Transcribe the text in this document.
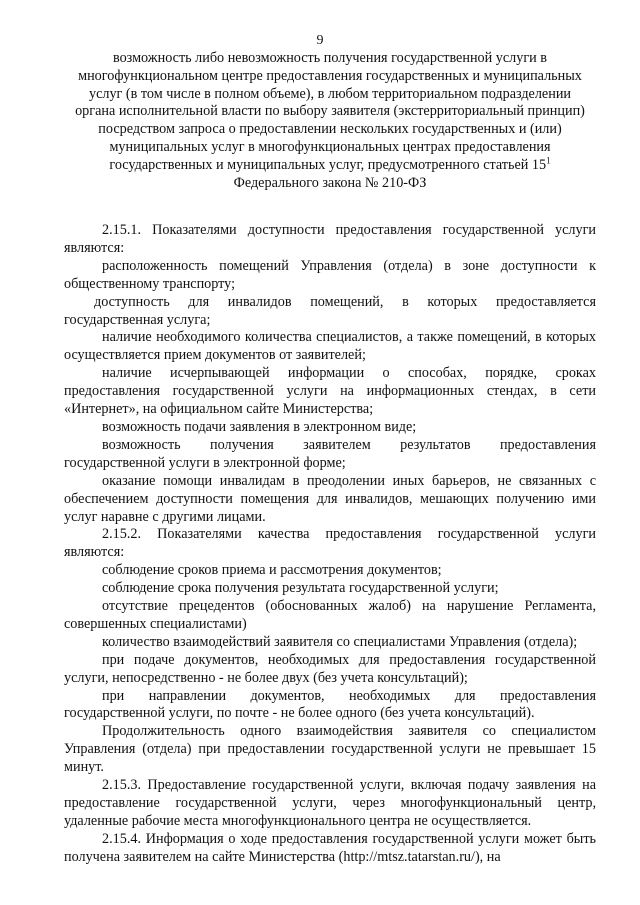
9
возможность либо невозможность получения государственной услуги в многофункциональном центре предоставления государственных и муниципальных услуг (в том числе в полном объеме), в любом территориальном подразделении органа исполнительной власти по выбору заявителя (экстерриториальный принцип) посредством запроса о предоставлении нескольких государственных и (или) муниципальных услуг в многофункциональных центрах предоставления государственных и муниципальных услуг, предусмотренного статьей $15^1$ Федерального закона № 210-ФЗ

2.15.1. Показателями доступности предоставления государственной услуги являются:

расположенность помещений Управления (отдела) в зоне доступности к общественному транспорту;

доступность для инвалидов помещений, в которых предоставляется государственная услуга;

наличие необходимого количества специалистов, а также помещений, в которых осуществляется прием документов от заявителей;

наличие исчерпывающей информации о способах, порядке, сроках предоставления государственной услуги на информационных стендах, в сети «Интернет», на официальном сайте Министерства;

возможность подачи заявления в электронном виде;

возможность получения заявителем результатов предоставления государственной услуги в электронной форме;

оказание помощи инвалидам в преодолении иных барьеров, не связанных с обеспечением доступности помещения для инвалидов, мешающих получению ими услуг наравне с другими лицами.

2.15.2. Показателями качества предоставления государственной услуги являются:

соблюдение сроков приема и рассмотрения документов;

соблюдение срока получения результата государственной услуги;

отсутствие прецедентов (обоснованных жалоб) на нарушение Регламента, совершенных специалистами)

количество взаимодействий заявителя со специалистами Управления (отдела);

при подаче документов, необходимых для предоставления государственной услуги, непосредственно - не более двух (без учета консультаций);

при направлении документов, необходимых для предоставления государственной услуги, по почте - не более одного (без учета консультаций).

Продолжительность одного взаимодействия заявителя со специалистом Управления (отдела) при предоставлении государственной услуги не превышает 15 минут.

2.15.3. Предоставление государственной услуги, включая подачу заявления на предоставление государственной услуги, через многофункциональный центр, удаленные рабочие места многофункционального центра не осуществляется.

2.15.4. Информация о ходе предоставления государственной услуги может быть получена заявителем на сайте Министерства (http://mtsz.tatarstan.ru/), на
